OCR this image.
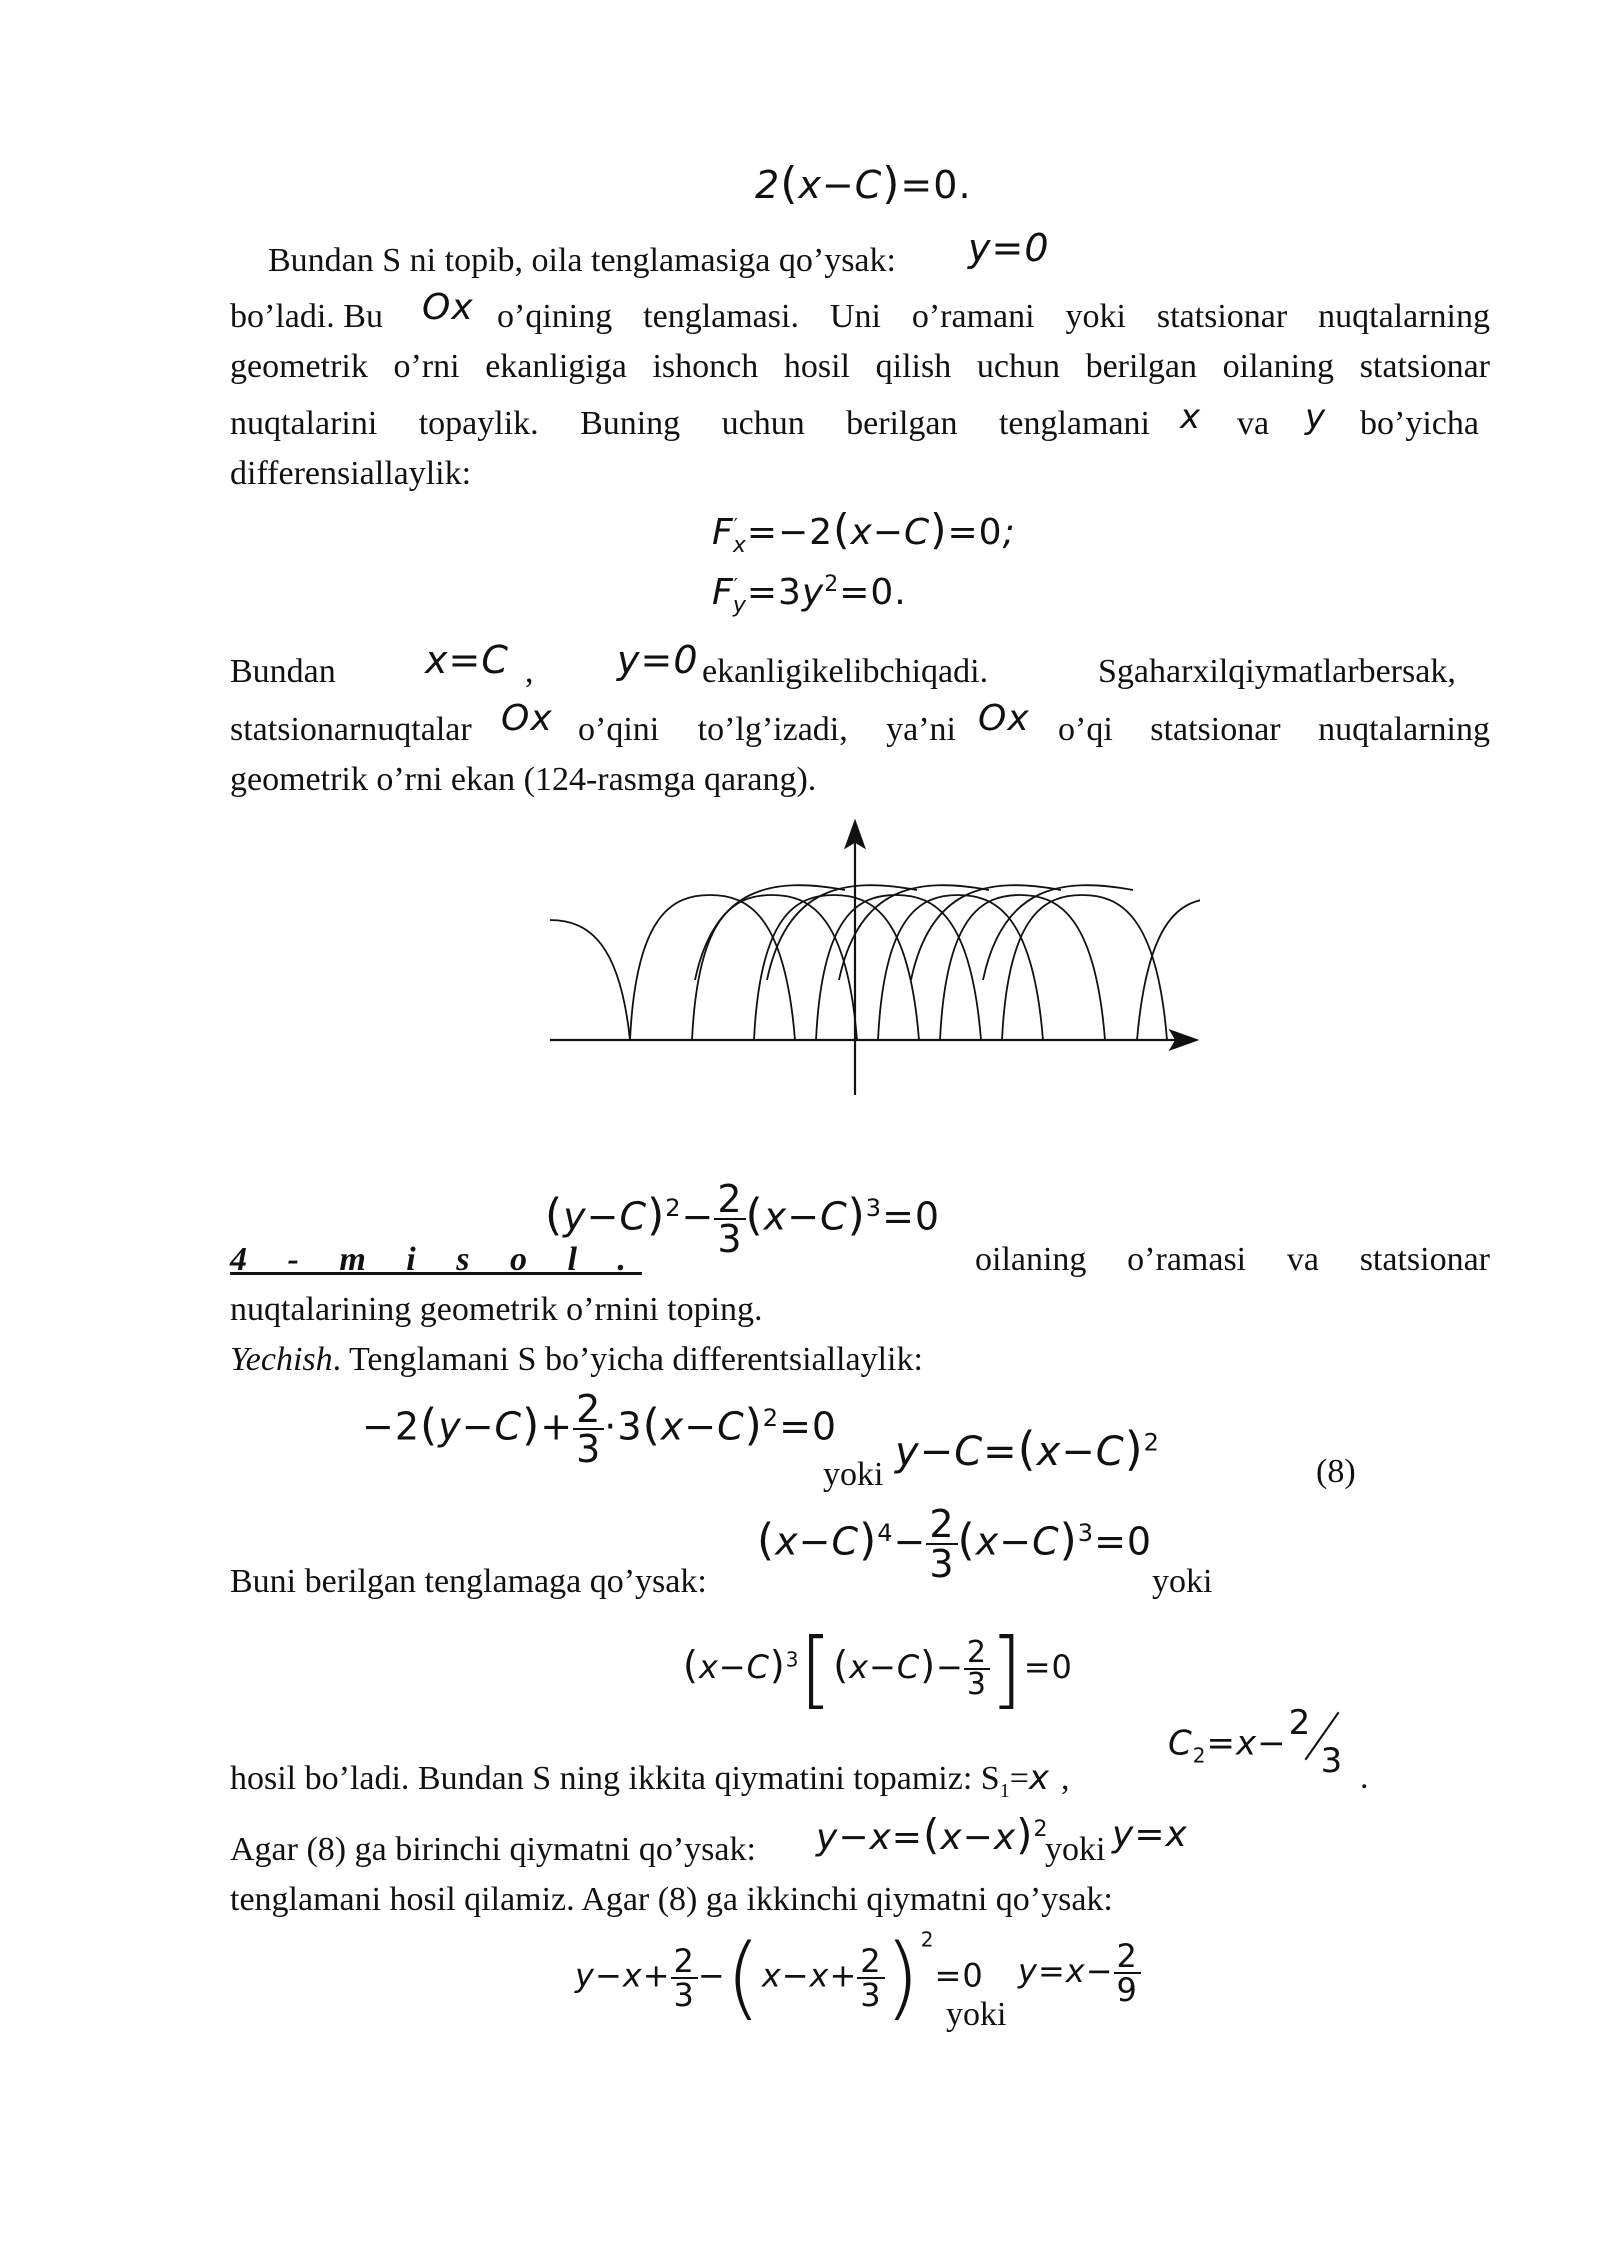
2(x−C)=0.
Bundan S ni topib, oila tenglamasiga qo’ysak: y=0
bo’ladi. Bu Ox o’qining tenglamasi. Uni o’ramani yoki statsionar nuqtalarning
geometrik o’rni ekanligiga ishonch hosil qilish uchun berilgan oilaning statsionar
nuqtalarini topaylik. Buning uchun berilgan tenglamani x va y bo’yicha
differensiallaylik:
$F'_x=-2(x-C)=0$;
$F'_y=3y^2=0$.
Bundan x=C , y=0 ekanligikelibchiqadi.	Sgaharxilqiymatlarbersak,
statsionarnuqtalar Ox o’qini to’lg’izadi, ya’ni Ox o’qi statsionar nuqtalarning
geometrik o’rni ekan (124-rasmga qarang).
$(y-C)^2- \frac{2}{3} (x-C)^3=0$
4 - m i s o l .	oilaning o’ramasi va statsionar
nuqtalarining geometrik o’rnini toping.
Yechish. Tenglamani S bo’yicha differentsiallaylik:
$-2(y-C)+ \frac{2}{3} \cdot 3(x-C)^2=0$
yoki $y-C=(x-C)^2$
(8)
$(x-C)^4- \frac{2}{3} (x-C)^3=0$
Buni berilgan tenglamaga qo’ysak:	yoki
$(x-C)^3[(x-C)- \frac{2}{3} ]=0$
hosil bo’ladi. Bundan S ning ikkita qiymatini topamiz: $S_1=x$ ,
$C_2=x-$
2
3 .
Agar (8) ga birinchi qiymatni qo’ysak: $y-x=(x-x)^2$
yoki y=x
tenglamani hosil qilamiz. Agar (8) ga ikkinchi qiymatni qo’ysak:
$y-x+ \frac{2}{3} -(x-x+ \frac{2}{3} )^2=0$
yoki
$y=x- \frac{2}{9}$
